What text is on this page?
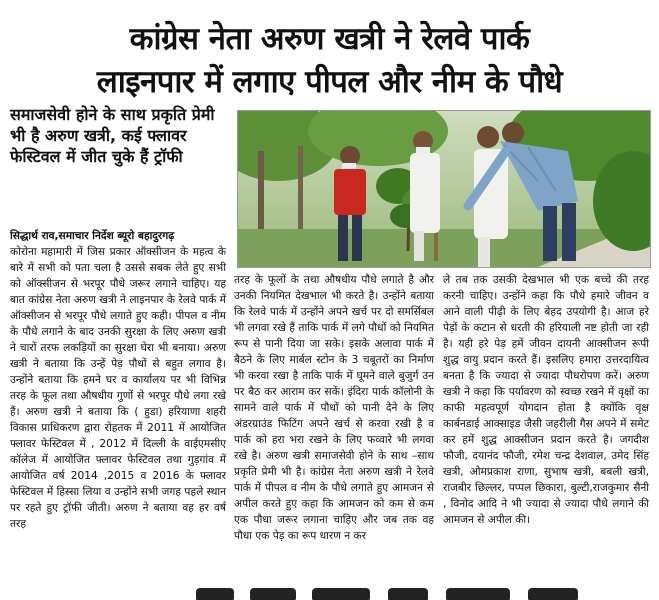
कांग्रेस नेता अरुण खत्री ने रेलवे पार्क
लाइनपार में लगाए पीपल और नीम के पौधे
समाजसेवी होने के साथ प्रकृति प्रेमी भी है अरुण खत्री, कई फ्लावर फेस्टिवल में जीत चुके हैं ट्रॉफी

सिद्धार्थ राव,समाचार निर्देश ब्यूरो बहादुरगढ़

कोरोना महामारी में जिस प्रकार ऑक्सीजन के महत्व के बारे में सभी को पता चला है उससे सबक लेते हुए सभी को ऑक्सीजन से भरपूर पौधे जरूर लगाने चाहिए। यह बात कांग्रेस नेता अरुण खत्री ने लाइनपार के रेलवे पार्क में ऑक्सीजन से भरपूर पौधे लगाते हुए कही। पीपल व नीम के पौधे लगाने के बाद उनकी सुरक्षा के लिए अरुण खत्री ने चारों तरफ लकड़ियों का सुरक्षा घेरा भी बनाया। अरुण खत्री ने बताया कि उन्हें पेड़ पौधों से बहुत लगाव है। उन्होंने बताया कि हमने घर व कार्यालय पर भी विभिन्न तरह के फूल तथा औषधीय गुणों से भरपूर पौधे लगा रखे हैं। अरुण खत्री ने बताया कि ( हुडा) हरियाणा शहरी विकास प्राधिकरण द्वारा रोहतक में 2011 में आयोजित फ्लावर फेस्टिवल में , 2012 में दिल्ली के वाईएमसीए कॉलेज में आयोजित फ्लावर फेस्टिवल तथा गुड़गांव में आयोजित वर्ष 2014 ,2015 व 2016 के फ्लावर फेस्टिवल में हिस्सा लिया व उन्होंने सभी जगह पहले स्थान पर रहते हुए ट्रॉफी जीती। अरुण ने बताया वह हर वर्ष तरह

तरह के फूलों के तथा औषधीय पौधे लगाते है और उनकी नियमित देखभाल भी करते है। उन्होंने बताया कि रेलवे पार्क में उन्होंने अपने खर्च पर दो समर्सिबल भी लगवा रखे हैं ताकि पार्क में लगे पौधों को नियमित रूप से पानी दिया जा सके। इसके अलावा पार्क में बैठने के लिए मार्बल स्टोन के 3 चबूतरों का निर्माण भी करवा रखा है ताकि पार्क में घूमने वाले बुजुर्ग उन पर बैठ कर आराम कर सकें। इंदिरा पार्क कॉलोनी के सामने वाले पार्क में पौधों को पानी देने के लिए अंडरग्राउंड फिटिंग अपने खर्च से करवा रखी है व पार्क को हरा भरा रखने के लिए फव्वारे भी लगवा रखे है। अरुण खत्री समाजसेवी होने के साथ –साथ प्रकृति प्रेमी भी है। कांग्रेस नेता अरुण खत्री ने रेलवे पार्क में पीपल व नीम के पौधे लगाते हुए आमजन से अपील करते हुए कहा कि आमजन को कम से कम एक पौधा जरूर लगाना चाहिए और जब तक वह पौधा एक पेड़ का रूप धारण न कर

ले तब तक उसकी देखभाल भी एक बच्चे की तरह करनी चाहिए। उन्होंने कहा कि पौधे हमारे जीवन व आने वाली पीढ़ी के लिए बेहद उपयोगी है। आज हरे पेड़ों के कटान से धरती की हरियाली नष्ट होती जा रही है। यही हरे पेड़ हमें जीवन दायनी आक्सीजन रूपी शुद्ध वायु प्रदान करते हैं। इसलिए हमारा उत्तरदायित्व बनता है कि ज्यादा से ज्यादा पौधरोपण करें। अरुण खत्री ने कहा कि पर्यावरण को स्वच्छ रखने में वृक्षों का काफी महत्वपूर्ण योगदान होता है क्योंकि वृक्ष कार्बनडाई आक्साइड जैसी जहरीली गैस अपने में समेट कर हमें शुद्ध आक्सीजन प्रदान करते है। जगदीश फौजी, दयानंद फौजी, रमेश चन्द्र देशवाल, उमेद सिंह खत्री, ओमप्रकाश राणा, सुभाष खत्री, बबली खत्री, राजबीर छिल्लर, पप्पल छिकारा, बुल्टी,राजकुमार सैनी , विनोद आदि ने भी ज्यादा से ज्यादा पौधे लगाने की आमजन से अपील की।
